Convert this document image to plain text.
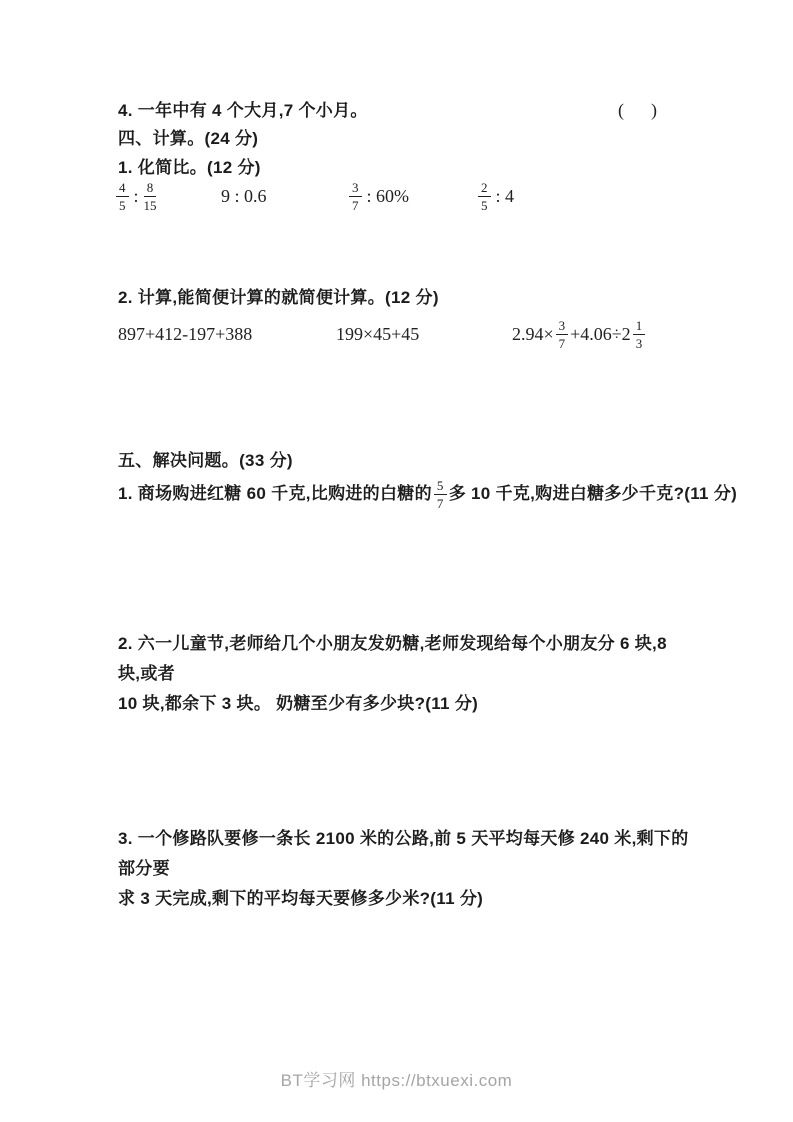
4. 一年中有 4 个大月,7 个小月。	(      )
四、计算。(24 分)
1. 化简比。(12 分)
$\frac{4}{5}$ : $\frac{8}{15}$	9 : 0.6	$\frac{3}{7}$ : 60%	$\frac{2}{5}$ : 4
2. 计算,能简便计算的就简便计算。(12 分)
897+412-197+388	199×45+45	$2.94\times \frac{3}{7} +4.06\div 2 \frac{1}{3}$
五、解决问题。(33 分)
1. 商场购进红糖 60 千克,比购进的白糖的 $\frac{5}{7}$ 多 10 千克,购进白糖多少千克?(11 分)
2. 六一儿童节,老师给几个小朋友发奶糖,老师发现给每个小朋友分 6 块,8 块,或者
10 块,都余下 3 块。 奶糖至少有多少块?(11 分)
3. 一个修路队要修一条长 2100 米的公路,前 5 天平均每天修 240 米,剩下的部分要
求 3 天完成,剩下的平均每天要修多少米?(11 分)
BT学习网 https://btxuexi.com
